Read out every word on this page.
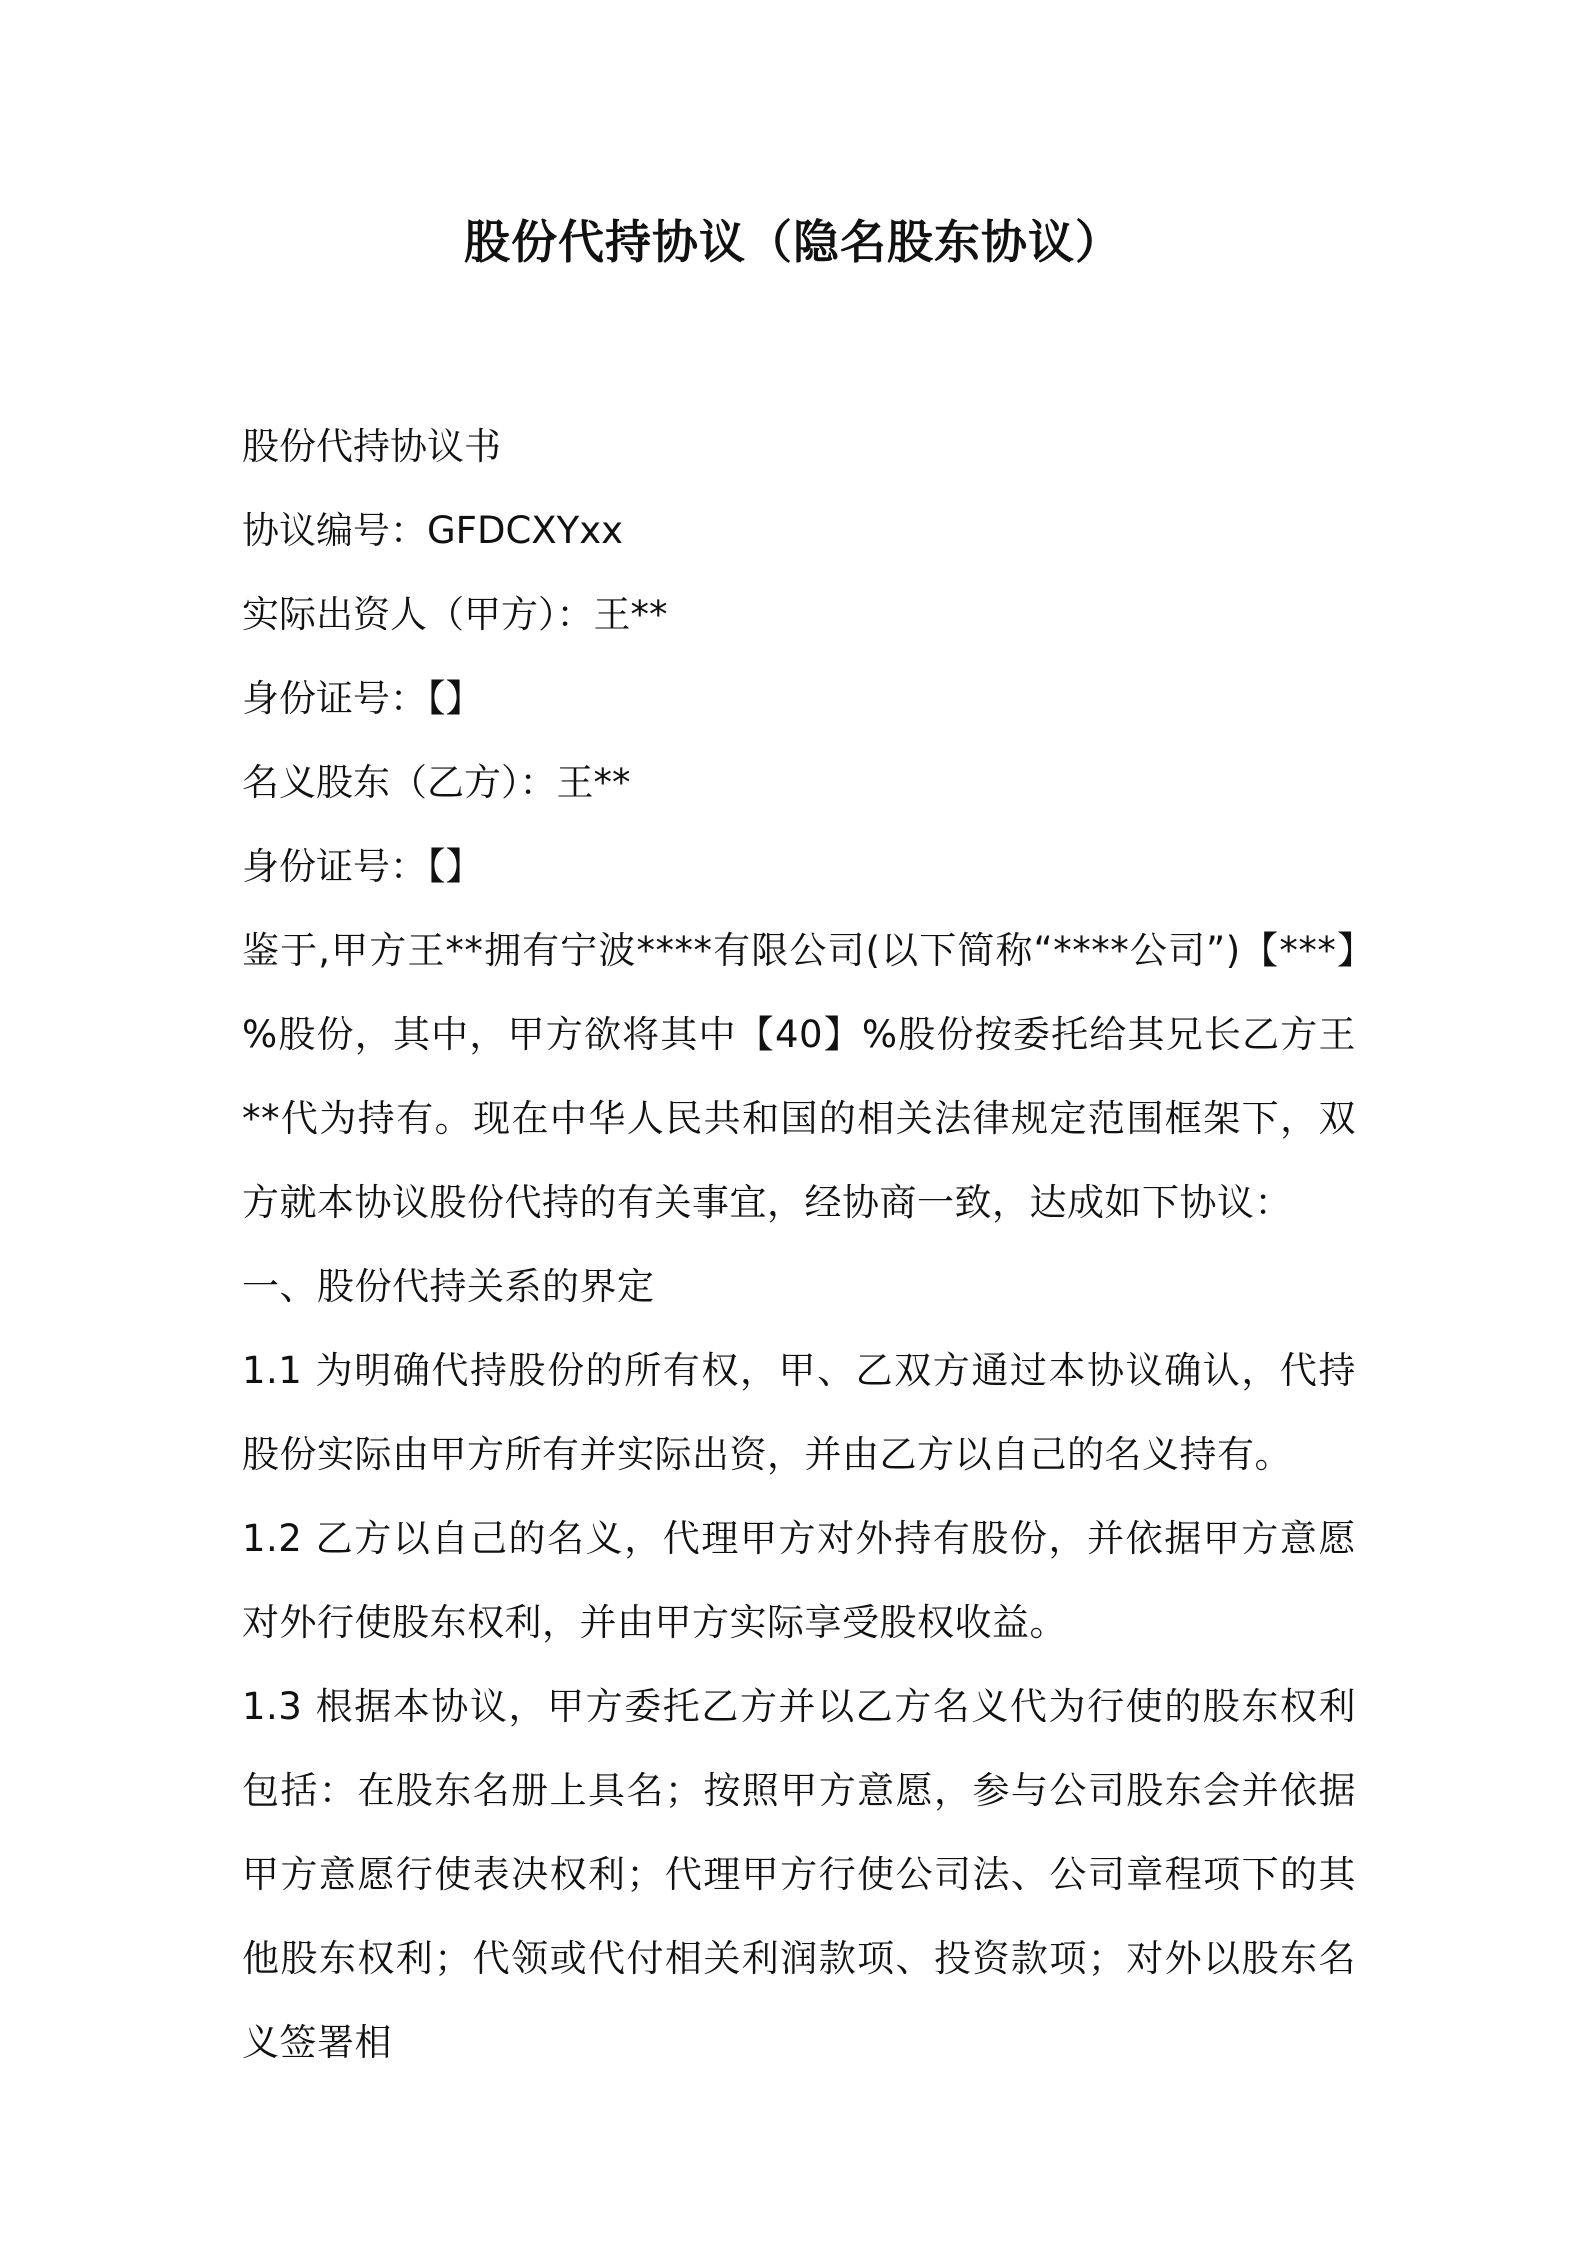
股份代持协议（隐名股东协议）
股份代持协议书
协议编号：GFDCXYxx
实际出资人（甲方）：王**
身份证号：【】
名义股东（乙方）：王**
身份证号：【】
鉴于,甲方王**拥有宁波****有限公司(以下简称“****公司”)【***】%股份，其中，甲方欲将其中【40】%股份按委托给其兄长乙方王**代为持有。现在中华人民共和国的相关法律规定范围框架下，双方就本协议股份代持的有关事宜，经协商一致，达成如下协议：
一、股份代持关系的界定
1.1 为明确代持股份的所有权，甲、乙双方通过本协议确认，代持股份实际由甲方所有并实际出资，并由乙方以自己的名义持有。
1.2 乙方以自己的名义，代理甲方对外持有股份，并依据甲方意愿对外行使股东权利，并由甲方实际享受股权收益。
1.3 根据本协议，甲方委托乙方并以乙方名义代为行使的股东权利包括：在股东名册上具名；按照甲方意愿，参与公司股东会并依据甲方意愿行使表决权利；代理甲方行使公司法、公司章程项下的其他股东权利；代领或代付相关利润款项、投资款项；对外以股东名义签署相
